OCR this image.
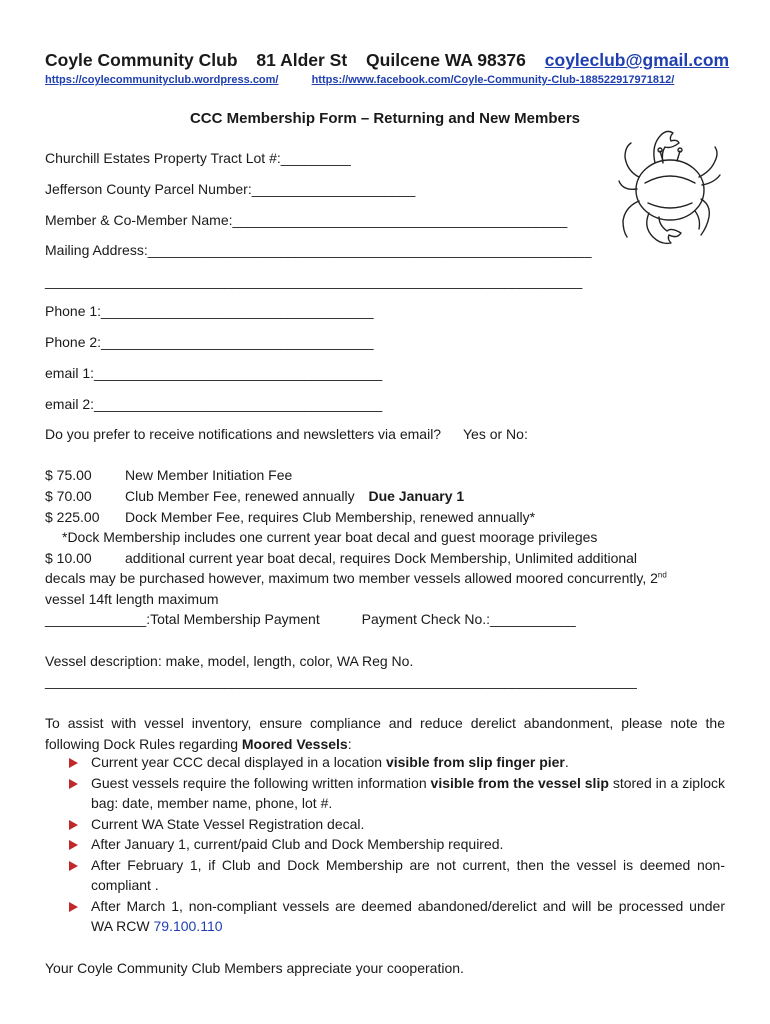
Coyle Community Club 81 Alder St Quilcene WA 98376 coyleclub@gmail.com
https://coylecommunityclub.wordpress.com/	https://www.facebook.com/Coyle-Community-Club-188522917971812/
CCC Membership Form – Returning and New Members
Churchill Estates Property Tract Lot #:_________
Jefferson County Parcel Number:_____________________
Member & Co-Member Name:___________________________________________
Mailing Address:_________________________________________________________
_____________________________________________________________________
Phone 1:___________________________________
Phone 2:___________________________________
email 1:_____________________________________
email 2:_____________________________________
Do you prefer to receive notifications and newsletters via email? Yes or No:
$ 75.00 New Member Initiation Fee
$ 70.00 Club Member Fee, renewed annually Due January 1
$ 225.00 Dock Member Fee, requires Club Membership, renewed annually*
*Dock Membership includes one current year boat decal and guest moorage privileges
$ 10.00 additional current year boat decal, requires Dock Membership, Unlimited additional
decals may be purchased however, maximum two member vessels allowed moored concurrently, 2nd
vessel 14ft length maximum
_____________:Total Membership Payment	Payment Check No.:___________
Vessel description: make, model, length, color, WA Reg No.
____________________________________________________________________________
To assist with vessel inventory, ensure compliance and reduce derelict abandonment, please note the following Dock Rules regarding Moored Vessels:
Current year CCC decal displayed in a location visible from slip finger pier.
Guest vessels require the following written information visible from the vessel slip stored in a ziplock bag: date, member name, phone, lot #.
Current WA State Vessel Registration decal.
After January 1, current/paid Club and Dock Membership required.
After February 1, if Club and Dock Membership are not current, then the vessel is deemed non-compliant .
After March 1, non-compliant vessels are deemed abandoned/derelict and will be processed under WA RCW 79.100.110
Your Coyle Community Club Members appreciate your cooperation.
